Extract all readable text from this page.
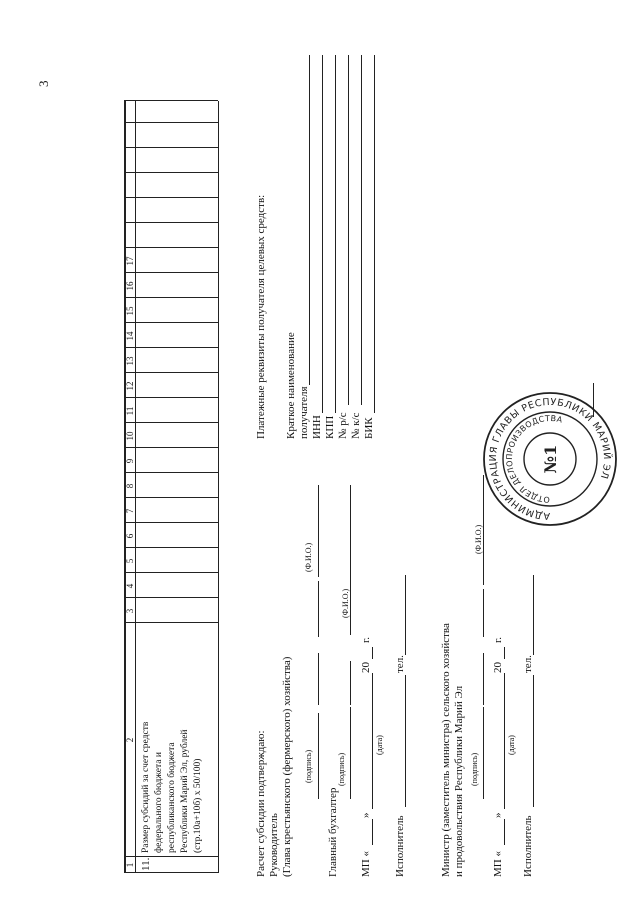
3
1
2
3
4
5
6
7
8
9
10
11
12
13
14
15
16
17
11.
Размер субсидий за счет средств федерального бюджета и республиканского бюджета Республики Марий Эл, рублей (стр.10а+10б) x 50/100)	Расчет субсидии подтверждаю: Руководитель (Глава крестьянского (фермерского) хозяйства) (подпись)
(Ф.И.О.)
Главный бухгалтер
(подпись)
(Ф.И.О.)
МП «
»
20
г.
(дата)
Исполнитель
тел.	Министр (заместитель министра) сельского хозяйства и продовольствия Республики Марий Эл (подпись)
(Ф.И.О.)
МП «
»
20
г.
(дата)
Исполнитель
тел.
Платежные реквизиты получателя целевых средств: Краткое наименование получателя ИНН КПП № р/с № к/с БИК
АДМИНИСТРАЦИЯ ГЛАВЫ РЕСПУБЛИКИ МАРИЙ ЭЛ
ОТДЕЛ ДЕЛОПРОИЗВОДСТВА
№1
